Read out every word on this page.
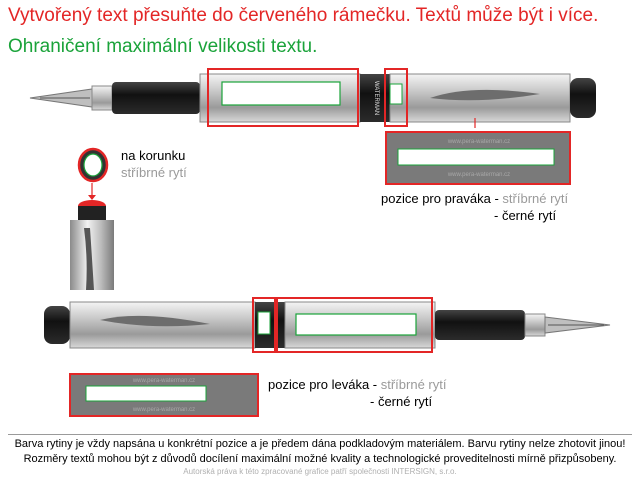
Vytvořený text přesuňte do červeného rámečku. Textů může být i více.
Ohraničení maximální velikosti textu.
WATERMAN
www.pera-waterman.cz
www.pera-waterman.cz
na korunku
stříbrné rytí
pozice pro praváka - stříbrné rytí
- černé rytí
www.pera-waterman.cz
www.pera-waterman.cz
pozice pro leváka - stříbrné rytí
- černé rytí
Barva rytiny je vždy napsána u konkrétní pozice a je předem dána podkladovým materiálem. Barvu rytiny nelze zhotovit jinou!
Rozměry textů mohou být z důvodů docílení maximální možné kvality a technologické proveditelnosti mírně přizpůsobeny.
Autorská práva k této zpracované grafice patří společnosti INTERSIGN, s.r.o.
